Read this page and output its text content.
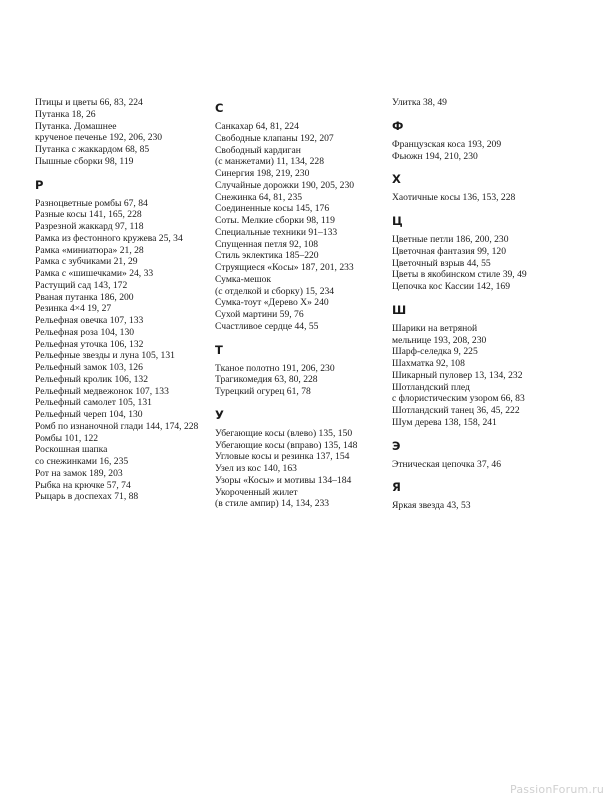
Птицы и цветы 66, 83, 224
Путанка 18, 26
Путанка. Домашнее
крученое печенье 192, 206, 230
Путанка с жаккардом 68, 85
Пышные сборки 98, 119
Р
Разноцветные ромбы 67, 84
Разные косы 141, 165, 228
Разрезной жаккард 97, 118
Рамка из фестонного кружева 25, 34
Рамка «миниатюра» 21, 28
Рамка с зубчиками 21, 29
Рамка с «шишечками» 24, 33
Растущий сад 143, 172
Рваная путанка 186, 200
Резинка 4×4 19, 27
Рельефная овечка 107, 133
Рельефная роза 104, 130
Рельефная уточка 106, 132
Рельефные звезды и луна 105, 131
Рельефный замок 103, 126
Рельефный кролик 106, 132
Рельефный медвежонок 107, 133
Рельефный самолет 105, 131
Рельефный череп 104, 130
Ромб по изнаночной глади 144, 174, 228
Ромбы 101, 122
Роскошная шапка
со снежинками 16, 235
Рот на замок 189, 203
Рыбка на крючке 57, 74
Рыцарь в доспехах 71, 88
С
Санкахар 64, 81, 224
Свободные клапаны 192, 207
Свободный кардиган
(с манжетами) 11, 134, 228
Синергия 198, 219, 230
Случайные дорожки 190, 205, 230
Снежинка 64, 81, 235
Соединенные косы 145, 176
Соты. Мелкие сборки 98, 119
Специальные техники 91–133
Спущенная петля 92, 108
Стиль эклектика 185–220
Струящиеся «Косы» 187, 201, 233
Сумка-мешок
(с отделкой и сборку) 15, 234
Сумка-тоут «Дерево Х» 240
Сухой мартини 59, 76
Счастливое сердце 44, 55
Т
Тканое полотно 191, 206, 230
Трагикомедия 63, 80, 228
Турецкий огурец 61, 78
У
Убегающие косы (влево) 135, 150
Убегающие косы (вправо) 135, 148
Угловые косы и резинка 137, 154
Узел из кос 140, 163
Узоры «Косы» и мотивы 134–184
Укороченный жилет
(в стиле ампир) 14, 134, 233
Улитка 38, 49
Ф
Французская коса 193, 209
Фьюжн 194, 210, 230
Х
Хаотичные косы 136, 153, 228
Ц
Цветные петли 186, 200, 230
Цветочная фантазия 99, 120
Цветочный взрыв 44, 55
Цветы в якобинском стиле 39, 49
Цепочка кос Кассии 142, 169
Ш
Шарики на ветряной
мельнице 193, 208, 230
Шарф-селедка 9, 225
Шахматка 92, 108
Шикарный пуловер 13, 134, 232
Шотландский плед
с флористическим узором 66, 83
Шотландский танец 36, 45, 222
Шум дерева 138, 158, 241
Э
Этническая цепочка 37, 46
Я
Яркая звезда 43, 53
PassionForum.ru
